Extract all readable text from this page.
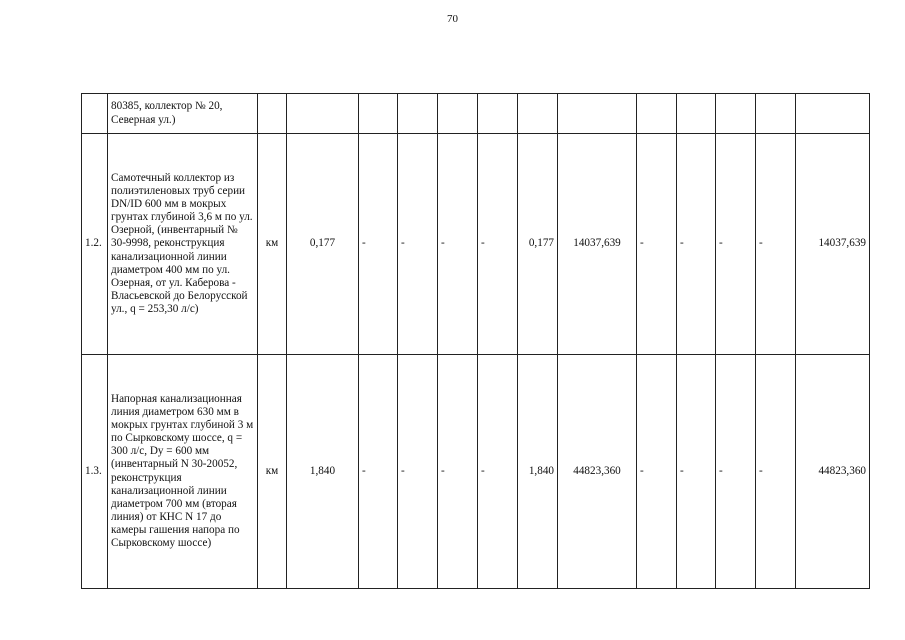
70
	80385, коллектор № 20, Северная ул.)													
1.2.	Самотечный коллектор из полиэтиленовых труб серии DN/ID 600 мм в мокрых грунтах глубиной 3,6 м по ул. Озерной, (инвентарный № 30-9998, реконструкция канализационной линии диаметром 400 мм по ул. Озерная, от ул. Каберова - Власьевской до Белорусской ул., q = 253,30 л/с)	км	0,177	-	-	-	-	0,177	14037,639	-	-	-	-	14037,639
1.3.	Напорная канализационная линия диаметром 630 мм в мокрых грунтах глубиной 3 м по Сырковскому шоссе, q = 300 л/с, Dy = 600 мм (инвентарный N 30-20052, реконструкция канализационной линии диаметром 700 мм (вторая линия) от КНС N 17 до камеры гашения напора по Сырковскому шоссе)	км	1,840	-	-	-	-	1,840	44823,360	-	-	-	-	44823,360
